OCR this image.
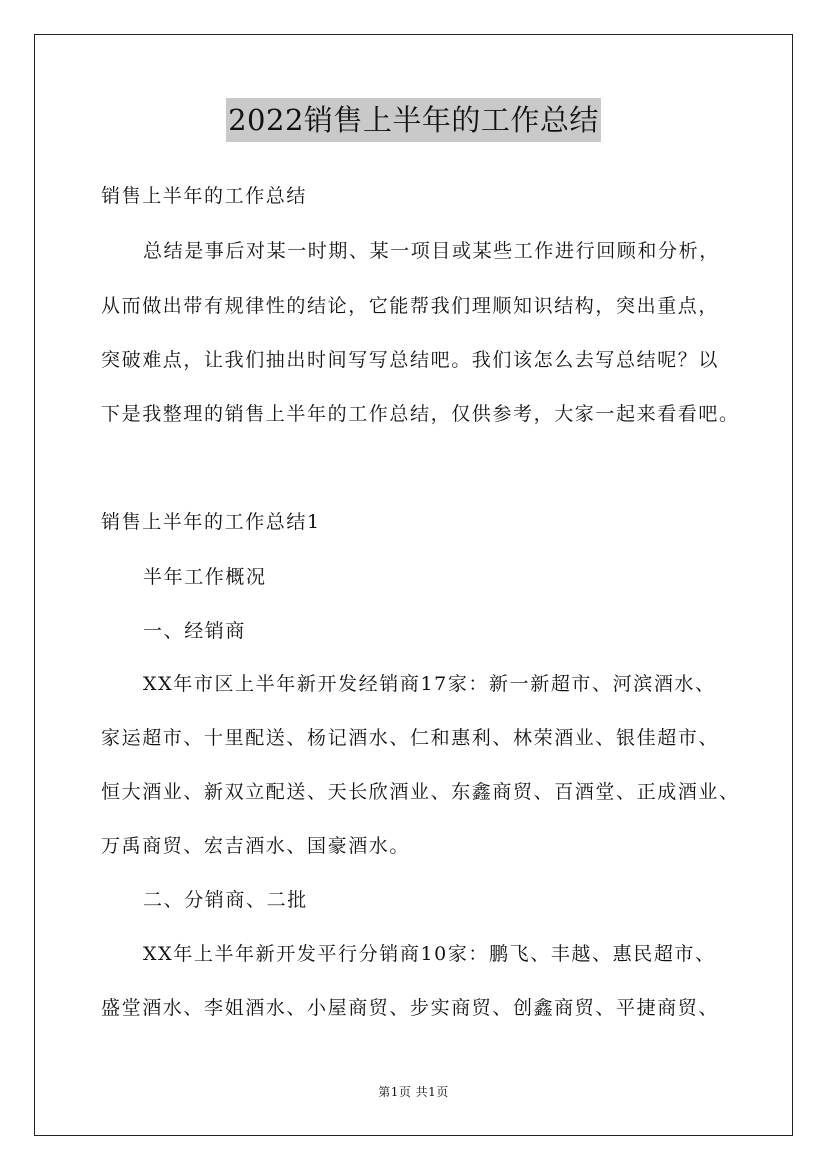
2022销售上半年的工作总结
销售上半年的工作总结
总结是事后对某一时期、某一项目或某些工作进行回顾和分析，
从而做出带有规律性的结论，它能帮我们理顺知识结构，突出重点，
突破难点，让我们抽出时间写写总结吧。我们该怎么去写总结呢？以
下是我整理的销售上半年的工作总结，仅供参考，大家一起来看看吧。
销售上半年的工作总结1
半年工作概况
一、经销商
XX年市区上半年新开发经销商17家：新一新超市、河滨酒水、
家运超市、十里配送、杨记酒水、仁和惠利、林荣酒业、银佳超市、
恒大酒业、新双立配送、天长欣酒业、东鑫商贸、百酒堂、正成酒业、
万禹商贸、宏吉酒水、国豪酒水。
二、分销商、二批
XX年上半年新开发平行分销商10家：鹏飞、丰越、惠民超市、
盛堂酒水、李姐酒水、小屋商贸、步实商贸、创鑫商贸、平捷商贸、
第1页 共1页
